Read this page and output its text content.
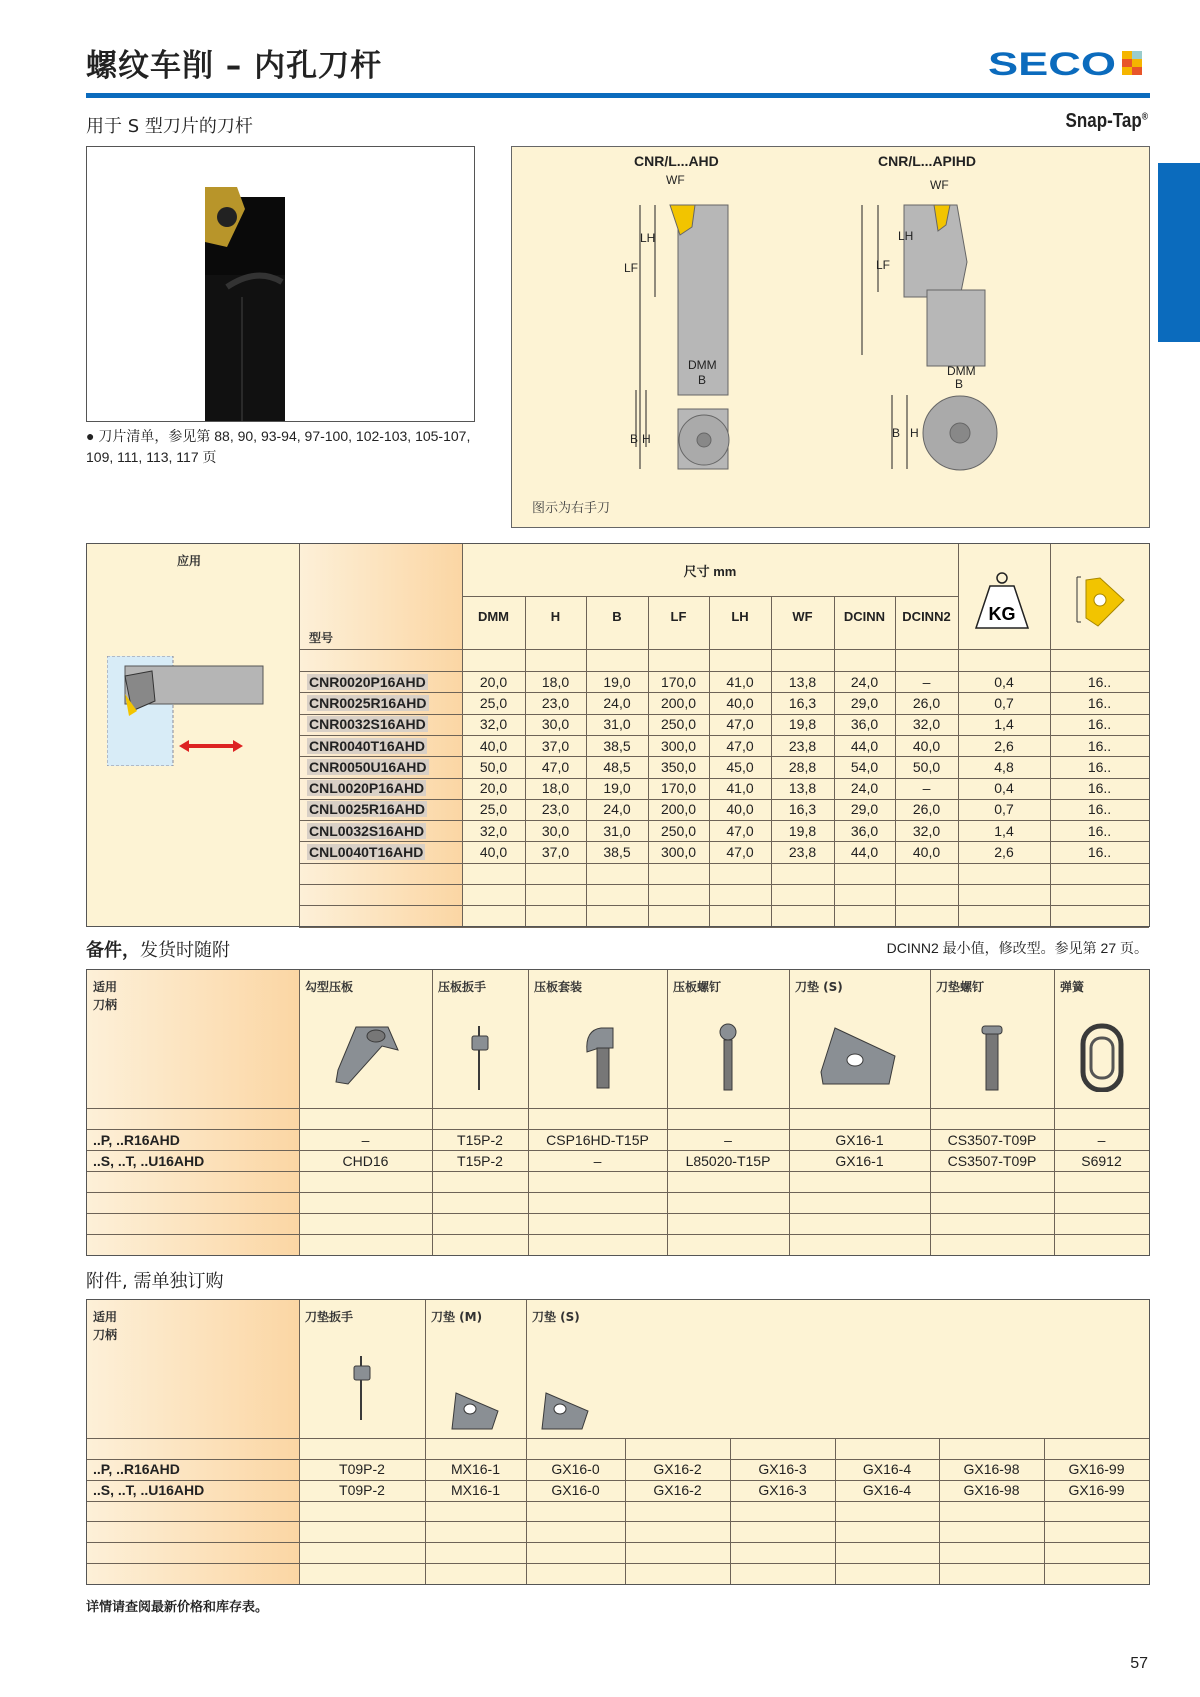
螺纹车削 – 内孔刀杆	SECO
用于 S 型刀片的刀杆	Snap-Tap®
● 刀片清单，参见第 88, 90, 93-94, 97-100, 102-103, 105-107, 109, 111, 113, 117 页
CNR/L...AHD	CNR/L...APIHD
WF
LH
LF
DMM
B
H
WF
LH
LF
DMM
B
B H
B
图示为右手刀
应用
型号
尺寸 mm
DMM	H	B	LF	LH	WF	DCINN	DCINN2	KG
CNR0020P16AHD	20,0	18,0	19,0	170,0	41,0	13,8	24,0	–	0,4	16..
CNR0025R16AHD	25,0	23,0	24,0	200,0	40,0	16,3	29,0	26,0	0,7	16..
CNR0032S16AHD	32,0	30,0	31,0	250,0	47,0	19,8	36,0	32,0	1,4	16..
CNR0040T16AHD	40,0	37,0	38,5	300,0	47,0	23,8	44,0	40,0	2,6	16..
CNR0050U16AHD	50,0	47,0	48,5	350,0	45,0	28,8	54,0	50,0	4,8	16..
CNL0020P16AHD	20,0	18,0	19,0	170,0	41,0	13,8	24,0	–	0,4	16..
CNL0025R16AHD	25,0	23,0	24,0	200,0	40,0	16,3	29,0	26,0	0,7	16..
CNL0032S16AHD	32,0	30,0	31,0	250,0	47,0	19,8	36,0	32,0	1,4	16..
CNL0040T16AHD	40,0	37,0	38,5	300,0	47,0	23,8	44,0	40,0	2,6	16..
备件，发货时随附	DCINN2 最小值，修改型。参见第 27 页。
适用
刀柄
勾型压板	压板扳手	压板套装	压板螺钉	刀垫 (S)	刀垫螺钉	弹簧
..P, ..R16AHD	–	T15P-2	CSP16HD-T15P	–	GX16-1	CS3507-T09P	–
..S, ..T, ..U16AHD	CHD16	T15P-2	–	L85020-T15P	GX16-1	CS3507-T09P	S6912
附件, 需单独订购
适用
刀柄
刀垫扳手	刀垫 (M)	刀垫 (S)
..P, ..R16AHD	T09P-2	MX16-1	GX16-0	GX16-2	GX16-3	GX16-4	GX16-98	GX16-99
..S, ..T, ..U16AHD	T09P-2	MX16-1	GX16-0	GX16-2	GX16-3	GX16-4	GX16-98	GX16-99
详情请查阅最新价格和库存表。
57
